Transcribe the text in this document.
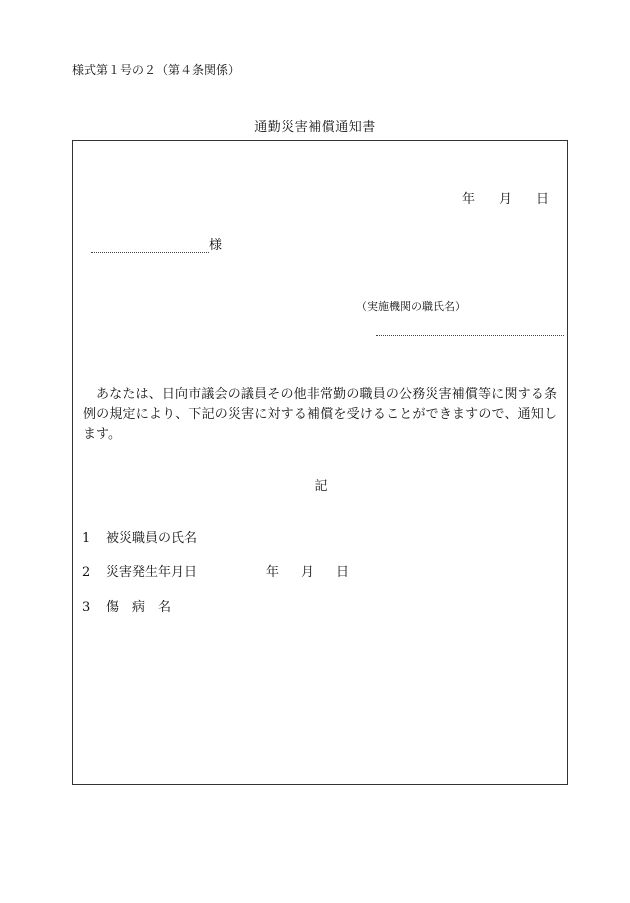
様式第１号の２（第４条関係）
通勤災害補償通知書
年 月 日
様
（実施機関の職氏名）

あなたは、日向市議会の議員その他非常勤の職員の公務災害補償等に関する条例の規定により、下記の災害に対する補償を受けることができますので、通知します。

記
1 被災職員の氏名
2 災害発生年月日	年 月 日
3 傷　病　名
